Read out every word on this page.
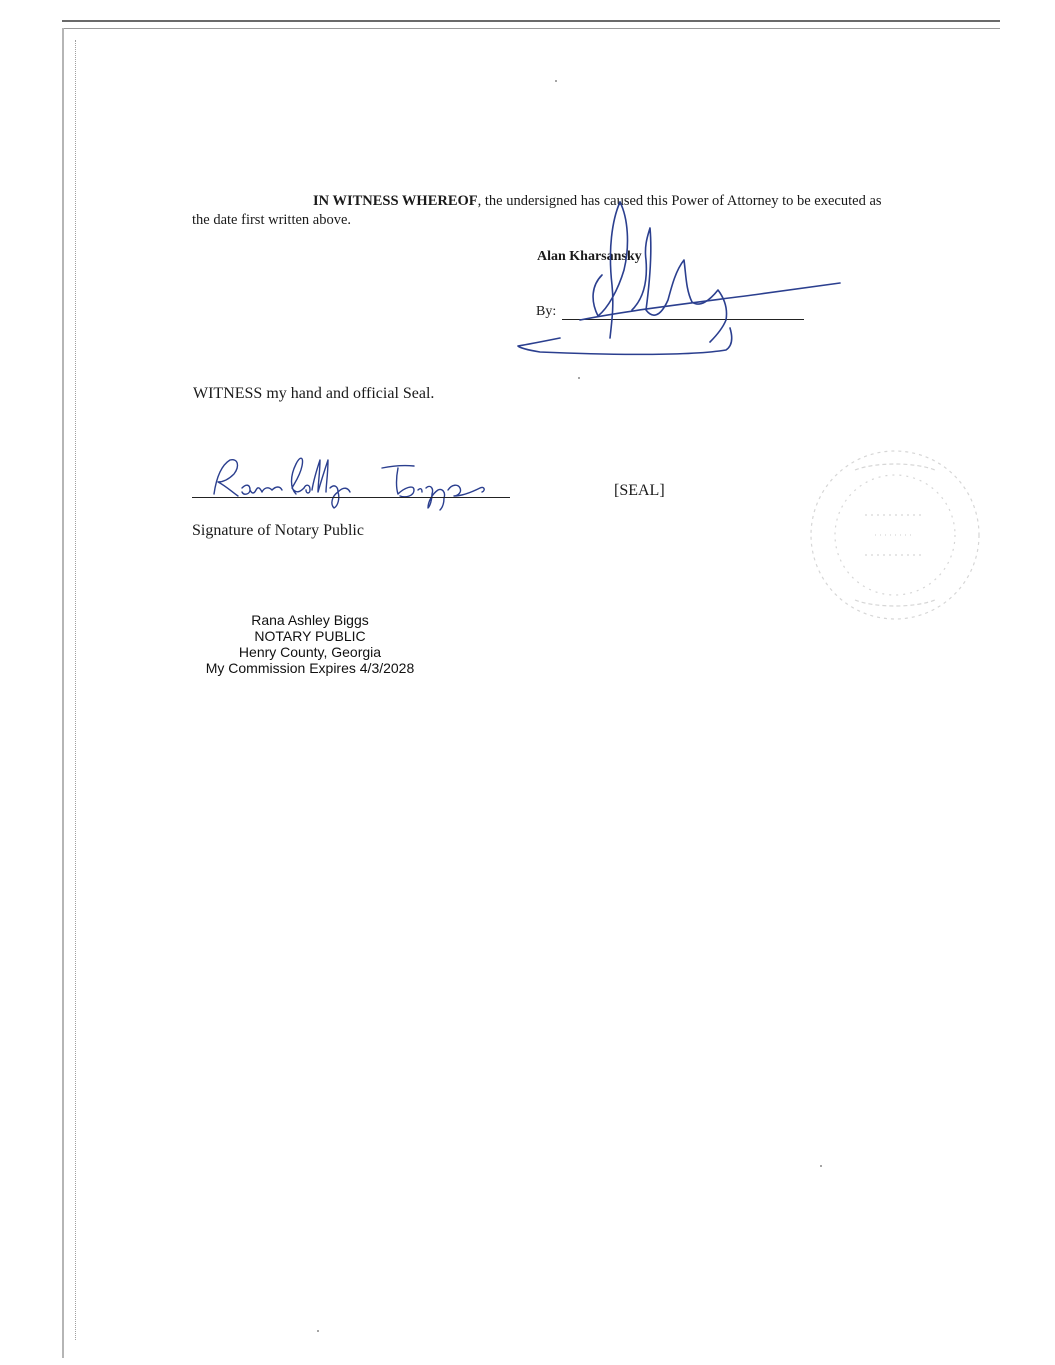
IN WITNESS WHEREOF, the undersigned has caused this Power of Attorney to be executed as the date first written above.
Alan Kharsansky
By:
WITNESS my hand and official Seal.
[SEAL]
Signature of Notary Public
Rana Ashley Biggs
NOTARY PUBLIC
Henry County, Georgia
My Commission Expires 4/3/2028
